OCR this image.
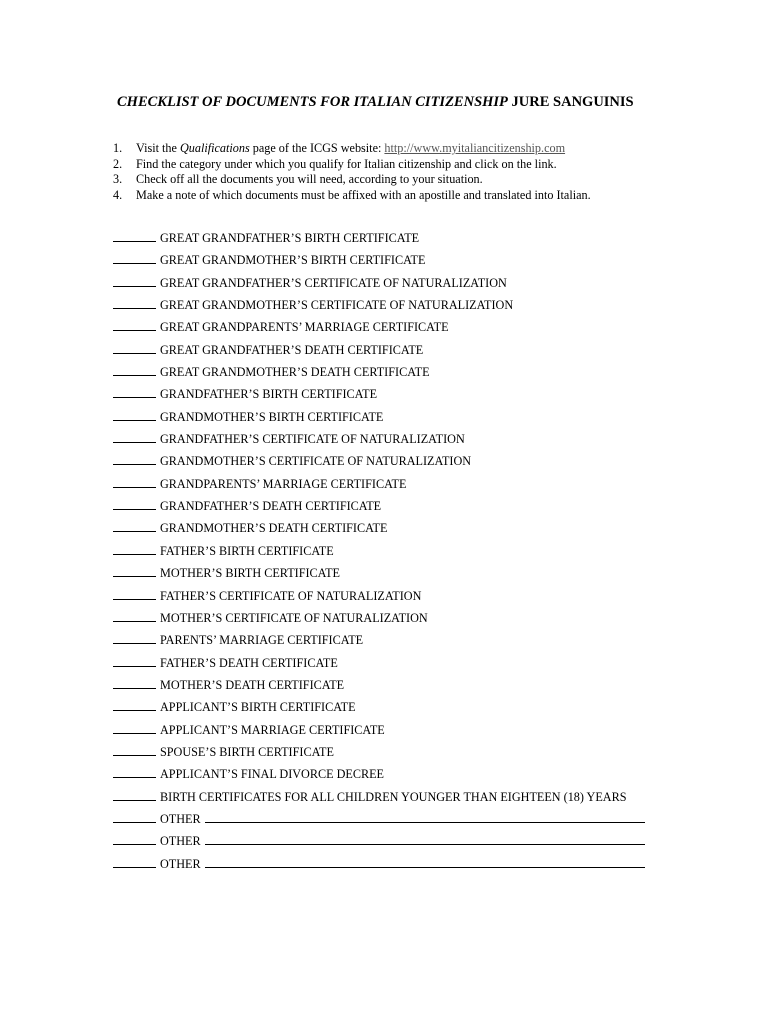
CHECKLIST OF DOCUMENTS FOR ITALIAN CITIZENSHIP JURE SANGUINIS
1.	Visit the Qualifications page of the ICGS website: http://www.myitaliancitizenship.com
2.	Find the category under which you qualify for Italian citizenship and click on the link.
3.	Check off all the documents you will need, according to your situation.
4.	Make a note of which documents must be affixed with an apostille and translated into Italian.
GREAT GRANDFATHER’S BIRTH CERTIFICATE
GREAT GRANDMOTHER’S BIRTH CERTIFICATE
GREAT GRANDFATHER’S CERTIFICATE OF NATURALIZATION
GREAT GRANDMOTHER’S CERTIFICATE OF NATURALIZATION
GREAT GRANDPARENTS’ MARRIAGE CERTIFICATE
GREAT GRANDFATHER’S DEATH CERTIFICATE
GREAT GRANDMOTHER’S DEATH CERTIFICATE
GRANDFATHER’S BIRTH CERTIFICATE
GRANDMOTHER’S BIRTH CERTIFICATE
GRANDFATHER’S CERTIFICATE OF NATURALIZATION
GRANDMOTHER’S CERTIFICATE OF NATURALIZATION
GRANDPARENTS’ MARRIAGE CERTIFICATE
GRANDFATHER’S DEATH CERTIFICATE
GRANDMOTHER’S DEATH CERTIFICATE
FATHER’S BIRTH CERTIFICATE
MOTHER’S BIRTH CERTIFICATE
FATHER’S CERTIFICATE OF NATURALIZATION
MOTHER’S CERTIFICATE OF NATURALIZATION
PARENTS’ MARRIAGE CERTIFICATE
FATHER’S DEATH CERTIFICATE
MOTHER’S DEATH CERTIFICATE
APPLICANT’S BIRTH CERTIFICATE
APPLICANT’S MARRIAGE CERTIFICATE
SPOUSE’S BIRTH CERTIFICATE
APPLICANT’S FINAL DIVORCE DECREE
BIRTH CERTIFICATES FOR ALL CHILDREN YOUNGER THAN EIGHTEEN (18) YEARS
OTHER
OTHER
OTHER
